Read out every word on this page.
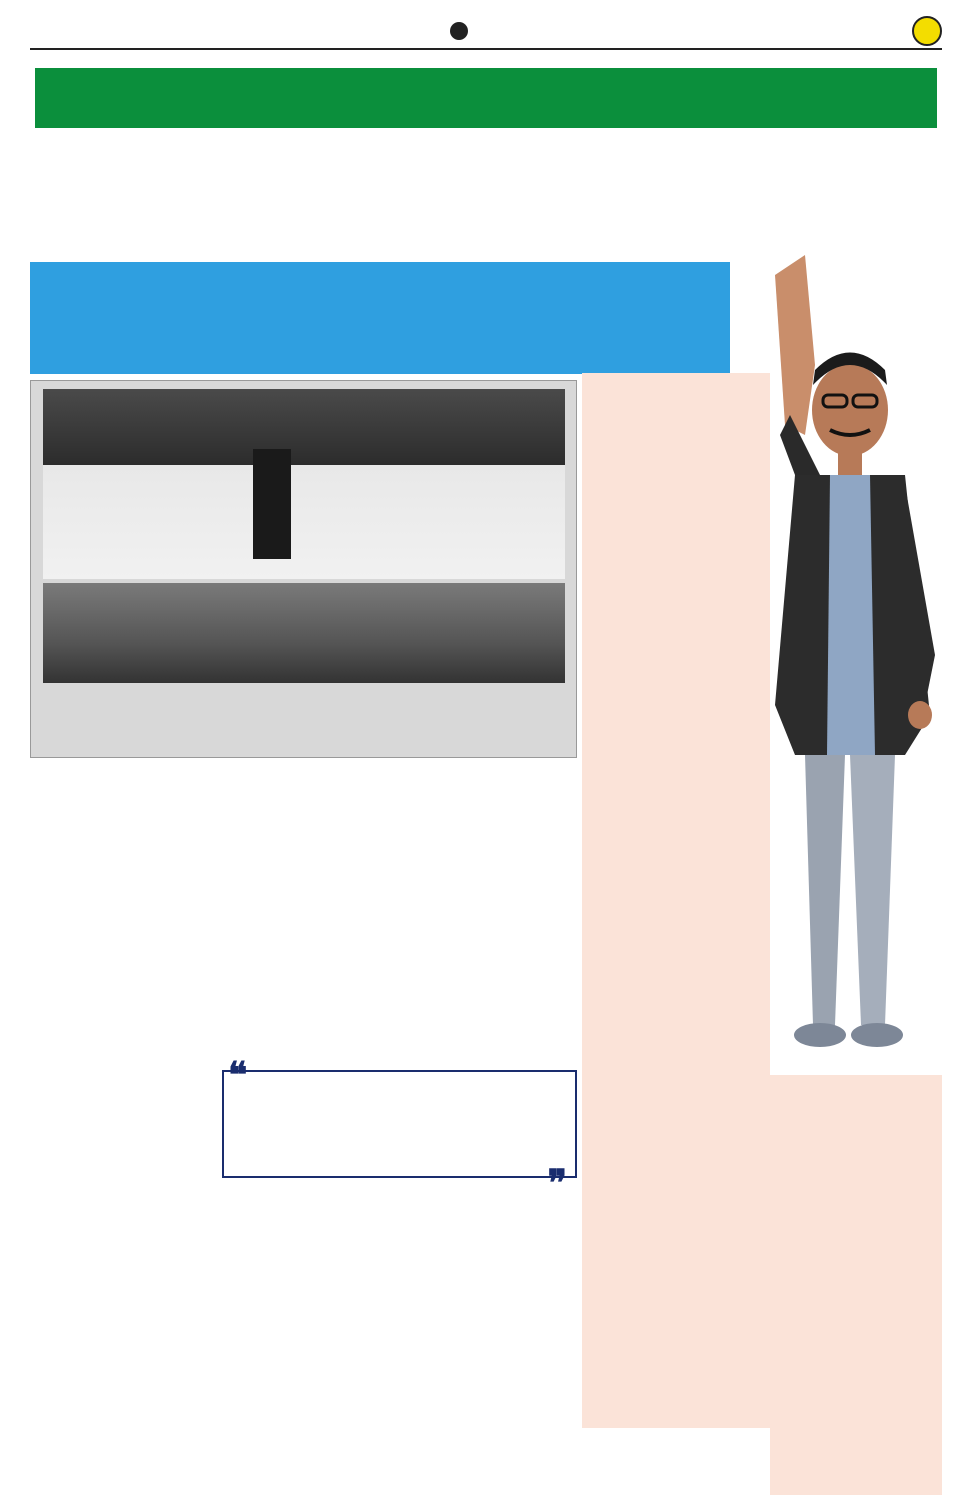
❝
❞
